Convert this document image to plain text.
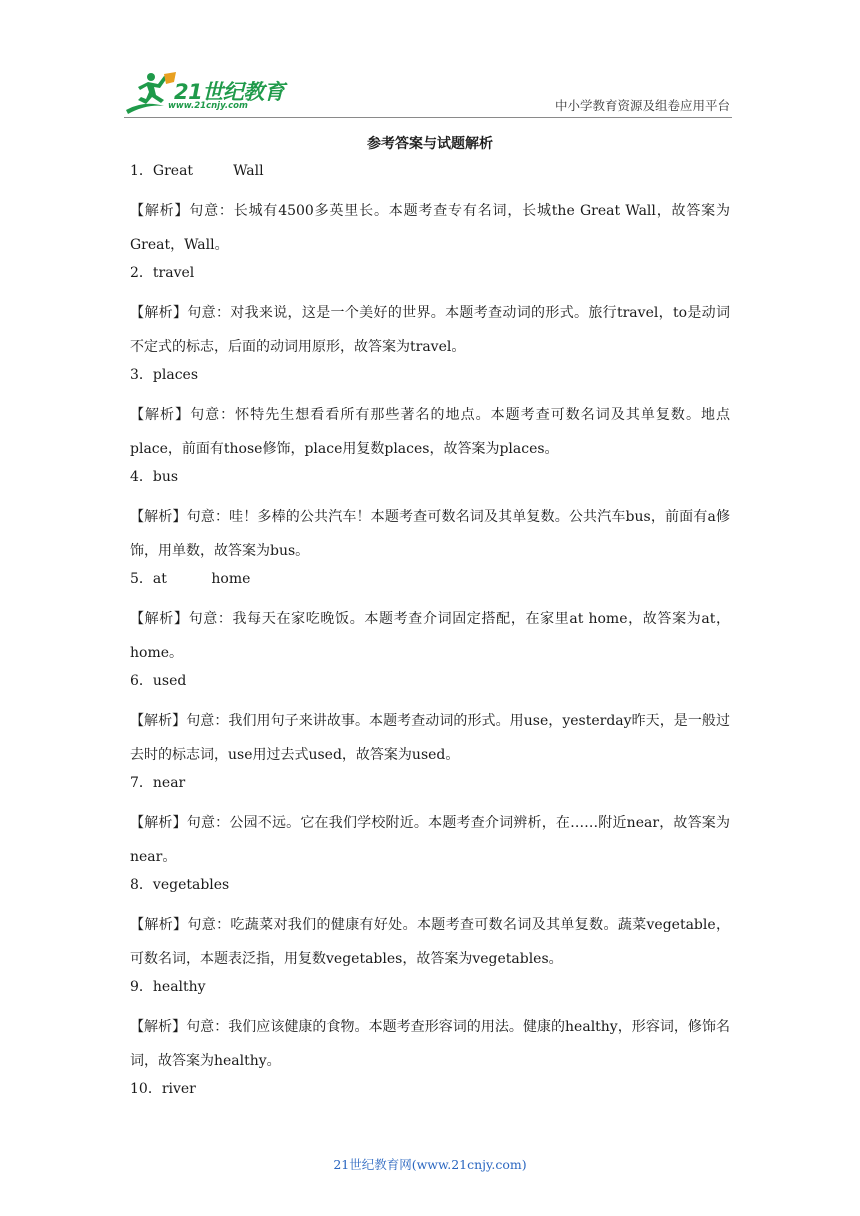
21世纪教育
www.21cnjy.com	中小学教育资源及组卷应用平台
参考答案与试题解析
1．Great         Wall
【解析】句意：长城有4500多英里长。本题考查专有名词，长城the Great Wall，故答案为Great，Wall。
2．travel
【解析】句意：对我来说，这是一个美好的世界。本题考查动词的形式。旅行travel，to是动词不定式的标志，后面的动词用原形，故答案为travel。
3．places
【解析】句意：怀特先生想看看所有那些著名的地点。本题考查可数名词及其单复数。地点place，前面有those修饰，place用复数places，故答案为places。
4．bus
【解析】句意：哇！多棒的公共汽车！本题考查可数名词及其单复数。公共汽车bus，前面有a修饰，用单数，故答案为bus。
5．at          home
【解析】句意：我每天在家吃晚饭。本题考查介词固定搭配，在家里at home，故答案为at，home。
6．used
【解析】句意：我们用句子来讲故事。本题考查动词的形式。用use，yesterday昨天，是一般过去时的标志词，use用过去式used，故答案为used。
7．near
【解析】句意：公园不远。它在我们学校附近。本题考查介词辨析，在……附近near，故答案为near。
8．vegetables
【解析】句意：吃蔬菜对我们的健康有好处。本题考查可数名词及其单复数。蔬菜vegetable，可数名词，本题表泛指，用复数vegetables，故答案为vegetables。
9．healthy
【解析】句意：我们应该健康的食物。本题考查形容词的用法。健康的healthy，形容词，修饰名词，故答案为healthy。
10．river
21世纪教育网(www.21cnjy.com)
